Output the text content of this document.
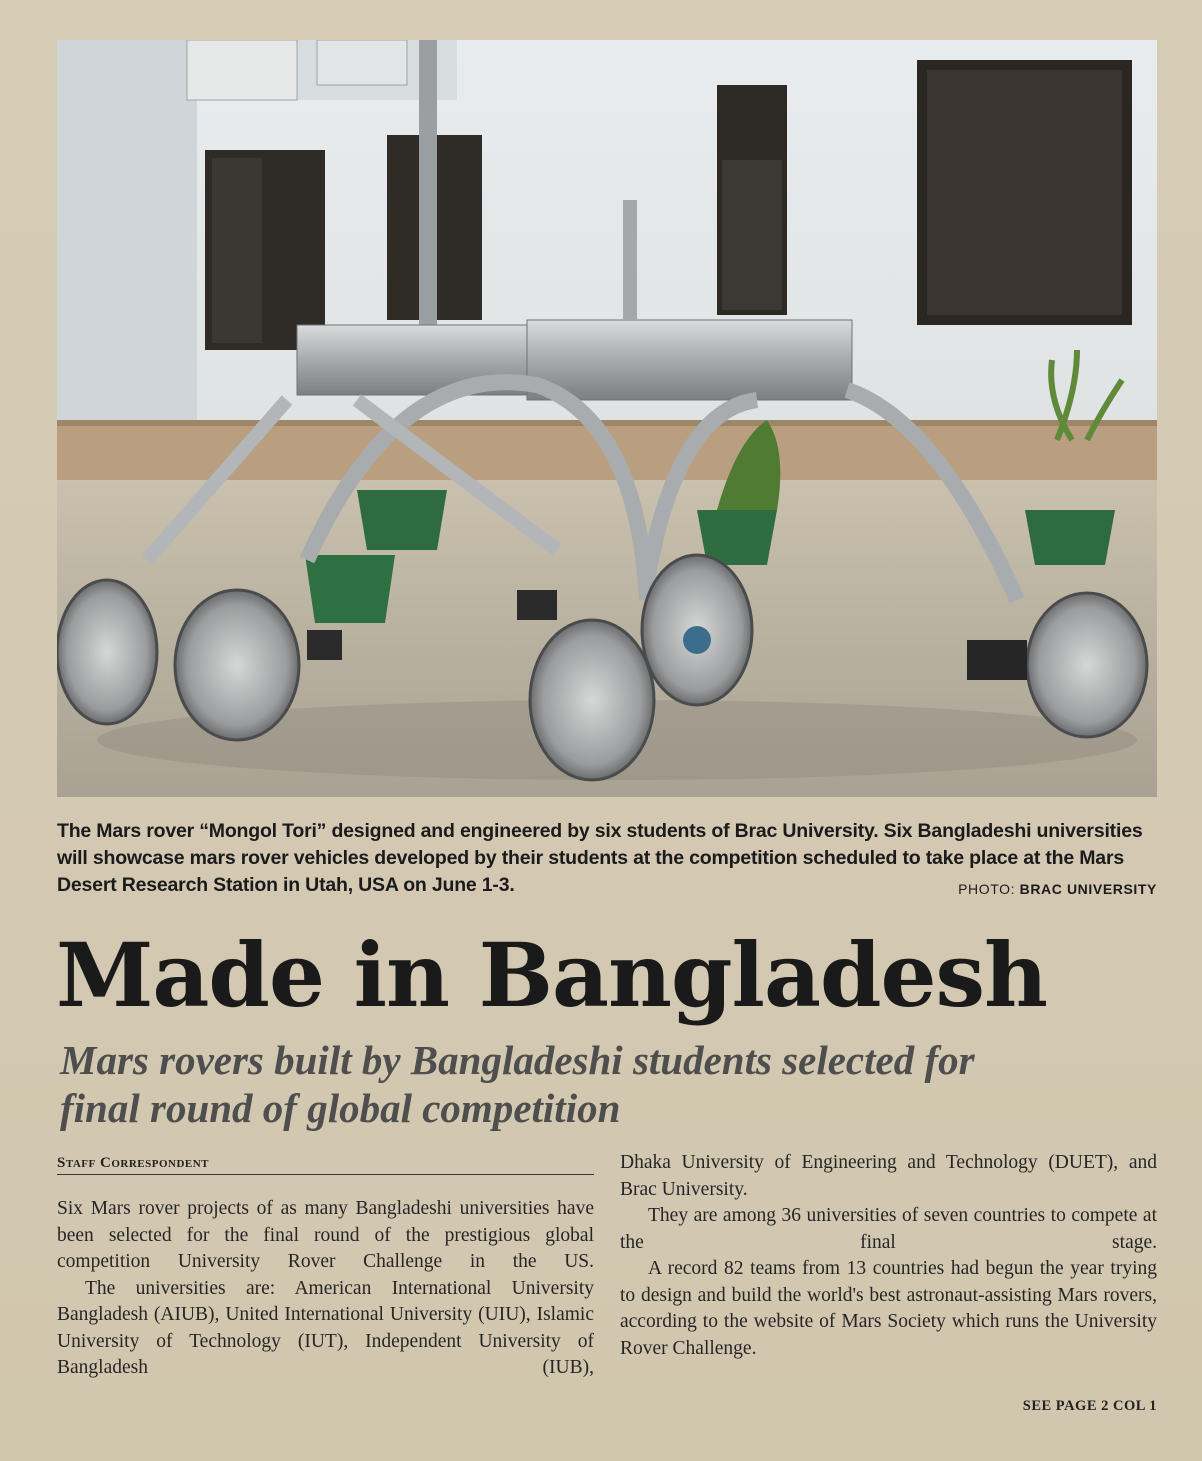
The Mars rover “Mongol Tori” designed and engineered by six students of Brac University. Six Bangladeshi universities will showcase mars rover vehicles developed by their students at the competition scheduled to take place at the Mars Desert Research Station in Utah, USA on June 1-3.	PHOTO: BRAC UNIVERSITY
Made in Bangladesh
Mars rovers built by Bangladeshi students selected for final round of global competition
Staff Correspondent

Six Mars rover projects of as many Bangladeshi universities have been selected for the final round of the prestigious global competition University Rover Challenge in the US.

The universities are: American International University Bangladesh (AIUB), United International University (UIU), Islamic University of Technology (IUT), Independent University of Bangladesh (IUB),

Dhaka University of Engineering and Technology (DUET), and Brac University.

They are among 36 universities of seven countries to compete at the final stage.

A record 82 teams from 13 countries had begun the year trying to design and build the world's best astronaut-assisting Mars rovers, according to the website of Mars Society which runs the University Rover Challenge.

SEE PAGE 2 COL 1
